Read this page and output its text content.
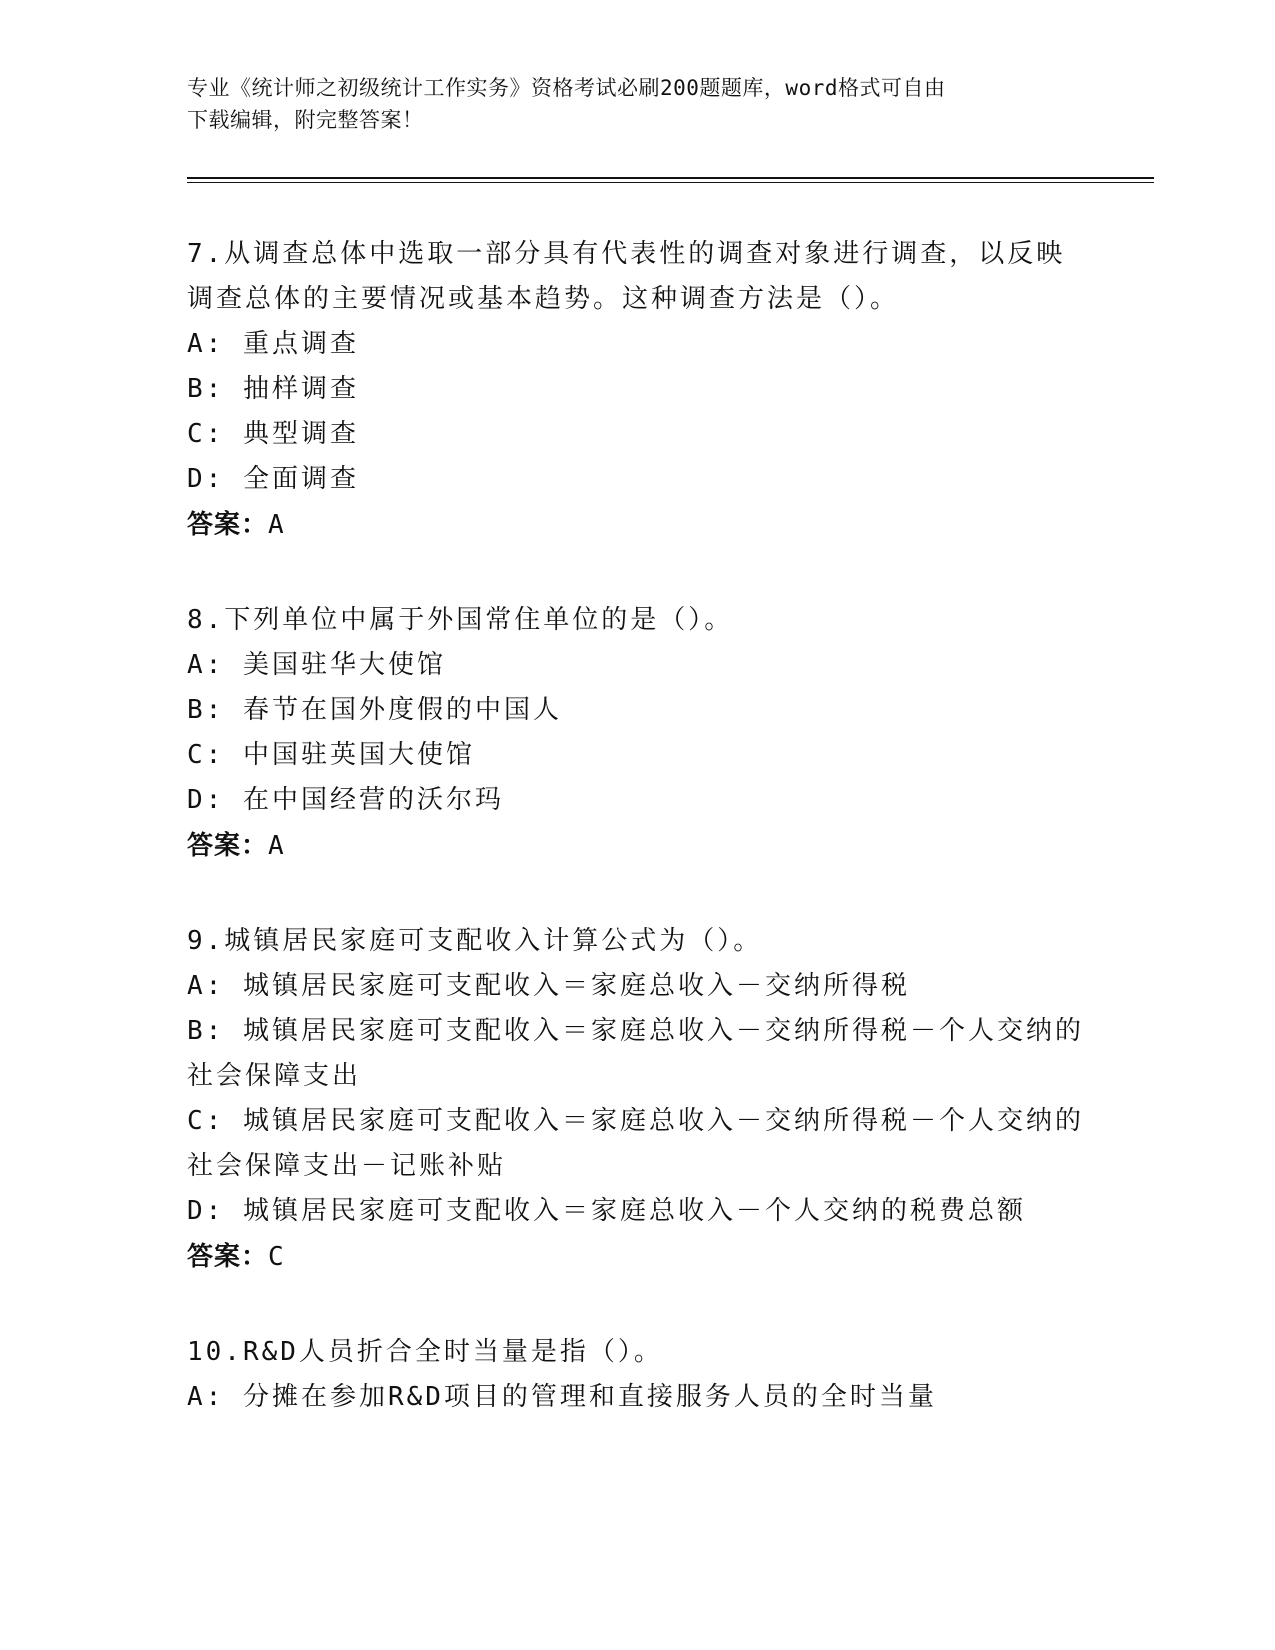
专业《统计师之初级统计工作实务》资格考试必刷200题题库，word格式可自由
下载编辑，附完整答案！

7.从调查总体中选取一部分具有代表性的调查对象进行调查，以反映

调查总体的主要情况或基本趋势。这种调查方法是（）。

A: 重点调查

B: 抽样调查

C: 典型调查

D: 全面调查

答案：A

8.下列单位中属于外国常住单位的是（）。

A: 美国驻华大使馆

B: 春节在国外度假的中国人

C: 中国驻英国大使馆

D: 在中国经营的沃尔玛

答案：A

9.城镇居民家庭可支配收入计算公式为（）。

A: 城镇居民家庭可支配收入＝家庭总收入－交纳所得税

B: 城镇居民家庭可支配收入＝家庭总收入－交纳所得税－个人交纳的

社会保障支出

C: 城镇居民家庭可支配收入＝家庭总收入－交纳所得税－个人交纳的

社会保障支出－记账补贴

D: 城镇居民家庭可支配收入＝家庭总收入－个人交纳的税费总额

答案：C

10.R&D人员折合全时当量是指（）。

A: 分摊在参加R&D项目的管理和直接服务人员的全时当量
